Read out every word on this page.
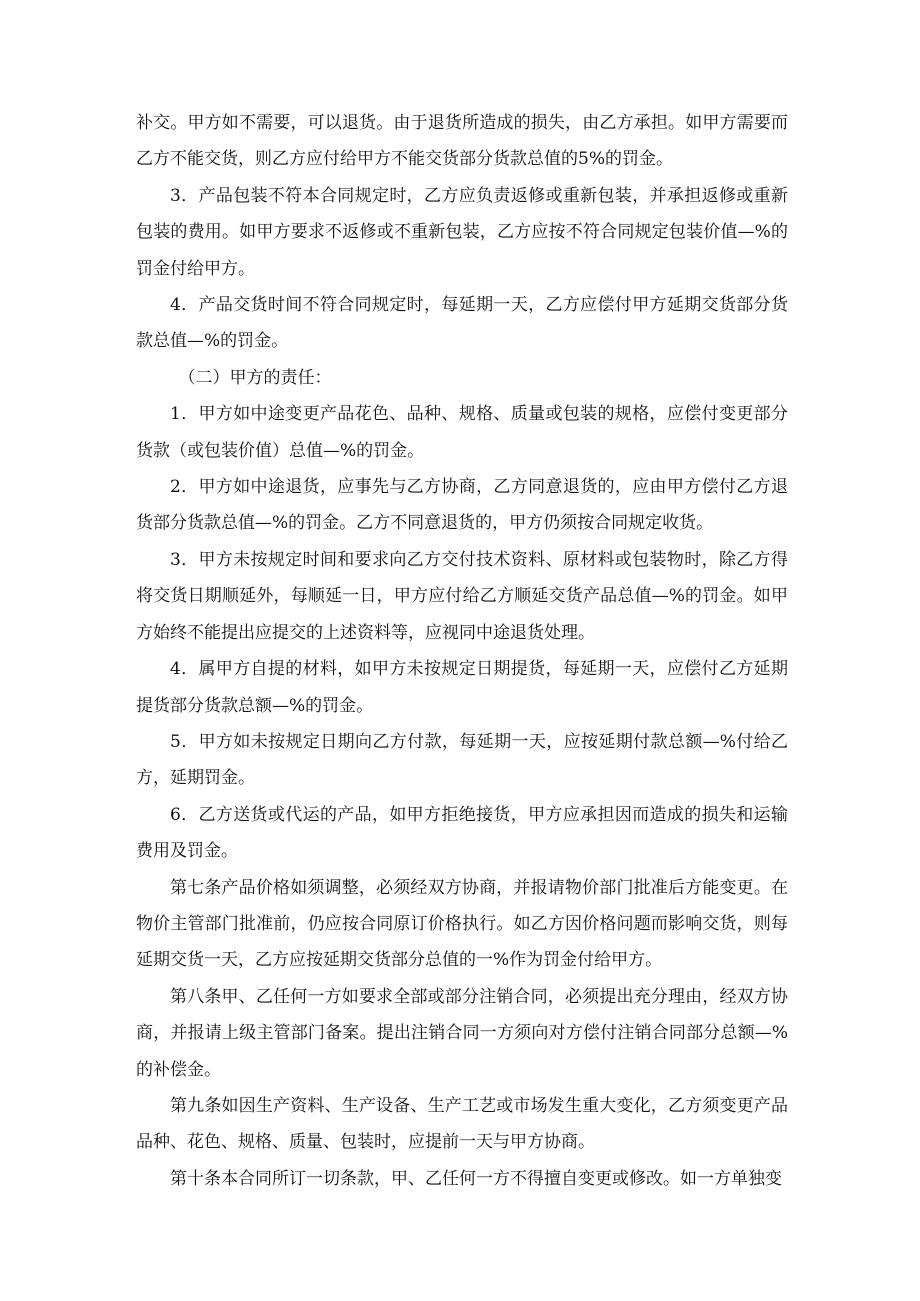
补交。甲方如不需要，可以退货。由于退货所造成的损失，由乙方承担。如甲方需要而乙方不能交货，则乙方应付给甲方不能交货部分货款总值的5%的罚金。

3．产品包装不符本合同规定时，乙方应负责返修或重新包装，并承担返修或重新包装的费用。如甲方要求不返修或不重新包装，乙方应按不符合同规定包装价值—%的罚金付给甲方。

4．产品交货时间不符合同规定时，每延期一天，乙方应偿付甲方延期交货部分货款总值—%的罚金。

（二）甲方的责任：

1．甲方如中途变更产品花色、品种、规格、质量或包装的规格，应偿付变更部分货款（或包装价值）总值—%的罚金。

2．甲方如中途退货，应事先与乙方协商，乙方同意退货的，应由甲方偿付乙方退货部分货款总值—%的罚金。乙方不同意退货的，甲方仍须按合同规定收货。

3．甲方未按规定时间和要求向乙方交付技术资料、原材料或包装物时，除乙方得将交货日期顺延外，每顺延一日，甲方应付给乙方顺延交货产品总值—%的罚金。如甲方始终不能提出应提交的上述资料等，应视同中途退货处理。

4．属甲方自提的材料，如甲方未按规定日期提货，每延期一天，应偿付乙方延期提货部分货款总额—%的罚金。

5．甲方如未按规定日期向乙方付款，每延期一天，应按延期付款总额—%付给乙方，延期罚金。

6．乙方送货或代运的产品，如甲方拒绝接货，甲方应承担因而造成的损失和运输费用及罚金。

第七条产品价格如须调整，必须经双方协商，并报请物价部门批准后方能变更。在物价主管部门批准前，仍应按合同原订价格执行。如乙方因价格问题而影响交货，则每延期交货一天，乙方应按延期交货部分总值的一%作为罚金付给甲方。

第八条甲、乙任何一方如要求全部或部分注销合同，必须提出充分理由，经双方协商，并报请上级主管部门备案。提出注销合同一方须向对方偿付注销合同部分总额—%的补偿金。

第九条如因生产资料、生产设备、生产工艺或市场发生重大变化，乙方须变更产品品种、花色、规格、质量、包装时，应提前一天与甲方协商。

第十条本合同所订一切条款，甲、乙任何一方不得擅自变更或修改。如一方单独变
